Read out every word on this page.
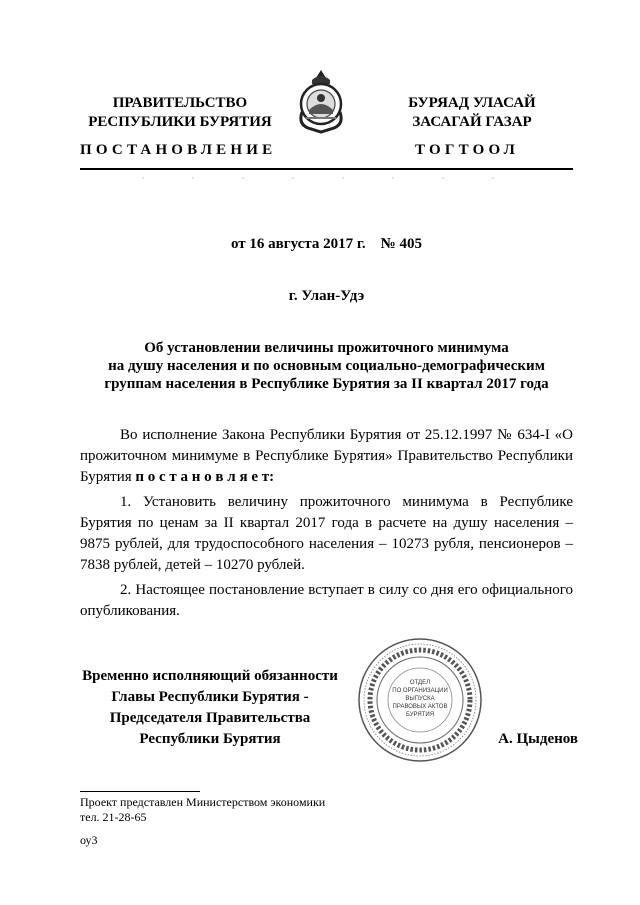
ПРАВИТЕЛЬСТВО
РЕСПУБЛИКИ БУРЯТИЯ
БУРЯАД УЛАСАЙ
ЗАСАГАЙ ГАЗАР
ПОСТАНОВЛЕНИЕ	ТОГТООЛ
от 16 августа 2017 г.    № 405
г. Улан-Удэ
Об установлении величины прожиточного минимума
на душу населения и по основным социально-демографическим
группам населения в Республике Бурятия за II квартал 2017 года
Во исполнение Закона Республики Бурятия от 25.12.1997 № 634-I «О прожиточном минимуме в Республике Бурятия» Правительство Республики Бурятия п о с т а н о в л я е т:
1. Установить величину прожиточного минимума в Республике Бурятия по ценам за II квартал 2017 года в расчете на душу населения – 9875 рублей, для трудоспособного населения – 10273 рубля, пенсионеров – 7838 рублей, детей – 10270 рублей.
2. Настоящее постановление вступает в силу со дня его официального опубликования.
Временно исполняющий обязанности
Главы Республики Бурятия -
Председателя Правительства
Республики Бурятия
ОТДЕЛ
ПО ОРГАНИЗАЦИИ
ВЫПУСКА
ПРАВОВЫХ АКТОВ
БУРЯТИЯ
А. Цыденов
Проект представлен Министерством экономики
тел. 21-28-65
оу3
